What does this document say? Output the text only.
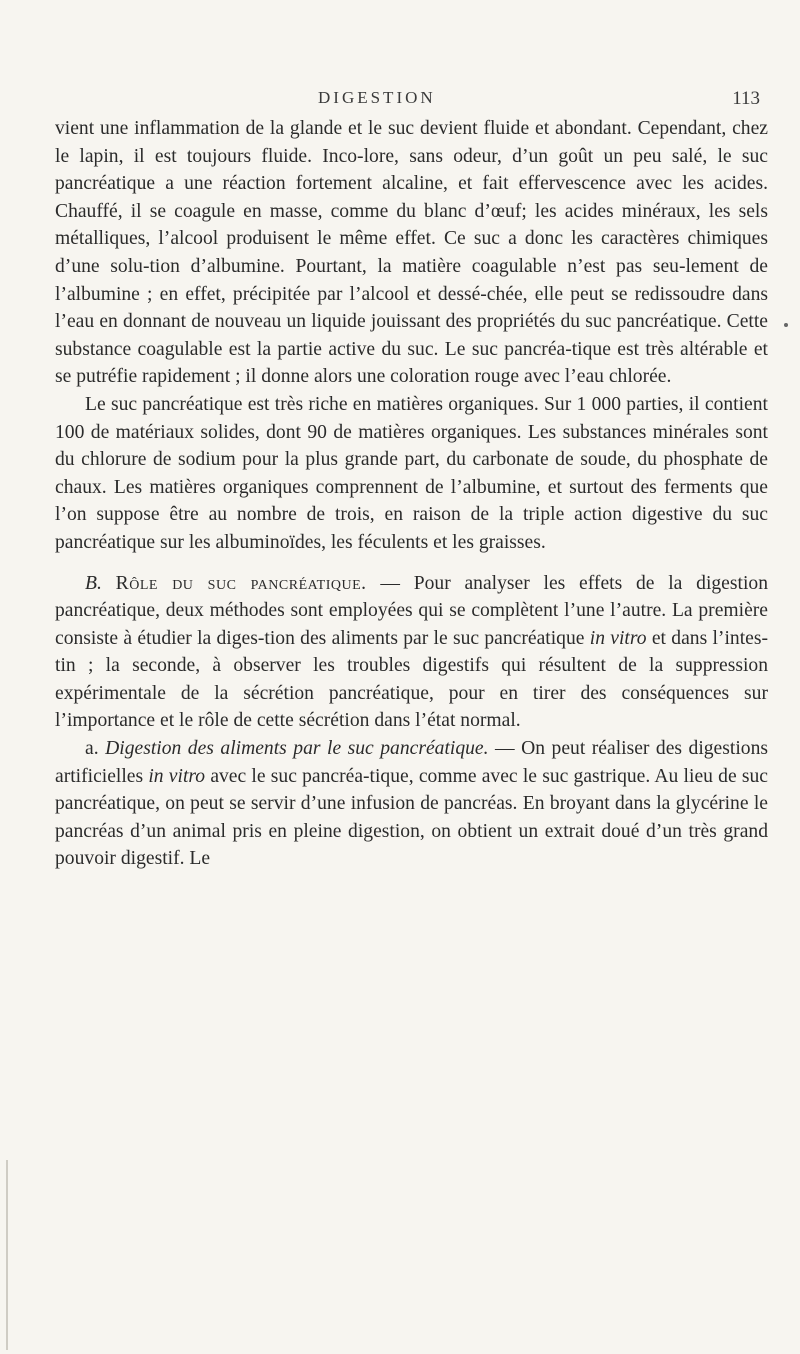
DIGESTION	113

vient une inflammation de la glande et le suc devient fluide et abondant. Cependant, chez le lapin, il est toujours fluide. Inco-lore, sans odeur, d’un goût un peu salé, le suc pancréatique a une réaction fortement alcaline, et fait effervescence avec les acides. Chauffé, il se coagule en masse, comme du blanc d’œuf; les acides minéraux, les sels métalliques, l’alcool produisent le même effet. Ce suc a donc les caractères chimiques d’une solu-tion d’albumine. Pourtant, la matière coagulable n’est pas seu-lement de l’albumine ; en effet, précipitée par l’alcool et dessé-chée, elle peut se redissoudre dans l’eau en donnant de nouveau un liquide jouissant des propriétés du suc pancréatique. Cette substance coagulable est la partie active du suc. Le suc pancréa-tique est très altérable et se putréfie rapidement ; il donne alors une coloration rouge avec l’eau chlorée.

Le suc pancréatique est très riche en matières organiques. Sur 1 000 parties, il contient 100 de matériaux solides, dont 90 de matières organiques. Les substances minérales sont du chlorure de sodium pour la plus grande part, du carbonate de soude, du phosphate de chaux. Les matières organiques comprennent de l’albumine, et surtout des ferments que l’on suppose être au nombre de trois, en raison de la triple action digestive du suc pancréatique sur les albuminoïdes, les féculents et les graisses.

B. Rôle du suc pancréatique. — Pour analyser les effets de la digestion pancréatique, deux méthodes sont employées qui se complètent l’une l’autre. La première consiste à étudier la diges-tion des aliments par le suc pancréatique in vitro et dans l’intes-tin ; la seconde, à observer les troubles digestifs qui résultent de la suppression expérimentale de la sécrétion pancréatique, pour en tirer des conséquences sur l’importance et le rôle de cette sécrétion dans l’état normal.

a. Digestion des aliments par le suc pancréatique. — On peut réaliser des digestions artificielles in vitro avec le suc pancréa-tique, comme avec le suc gastrique. Au lieu de suc pancréatique, on peut se servir d’une infusion de pancréas. En broyant dans la glycérine le pancréas d’un animal pris en pleine digestion, on obtient un extrait doué d’un très grand pouvoir digestif. Le
